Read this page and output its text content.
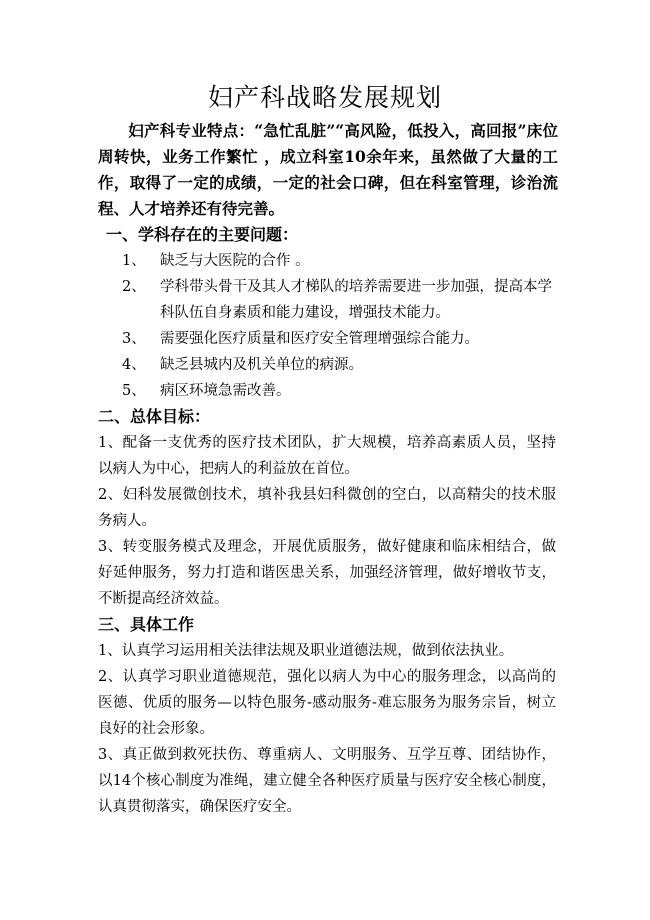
妇产科战略发展规划
妇产科专业特点：“急忙乱脏”“高风险，低投入，高回报”床位周转快，业务工作繁忙 ，成立科室10余年来，虽然做了大量的工作，取得了一定的成绩，一定的社会口碑，但在科室管理，诊治流程、人才培养还有待完善。
一、学科存在的主要问题：
1、 缺乏与大医院的合作 。
2、 学科带头骨干及其人才梯队的培养需要进一步加强，提高本学科队伍自身素质和能力建设，增强技术能力。
3、 需要强化医疗质量和医疗安全管理增强综合能力。
4、 缺乏县城内及机关单位的病源。
5、 病区环境急需改善。
二、总体目标：
1、配备一支优秀的医疗技术团队，扩大规模，培养高素质人员，坚持以病人为中心，把病人的利益放在首位。
2、妇科发展微创技术，填补我县妇科微创的空白，以高精尖的技术服务病人。
3、转变服务模式及理念，开展优质服务，做好健康和临床相结合，做好延伸服务，努力打造和谐医患关系，加强经济管理，做好增收节支，不断提高经济效益。
三、具体工作
1、认真学习运用相关法律法规及职业道德法规，做到依法执业。
2、认真学习职业道德规范，强化以病人为中心的服务理念，以高尚的医德、优质的服务—以特色服务-感动服务-难忘服务为服务宗旨，树立良好的社会形象。
3、真正做到救死扶伤、尊重病人、文明服务、互学互尊、团结协作，以14个核心制度为准绳，建立健全各种医疗质量与医疗安全核心制度，认真贯彻落实，确保医疗安全。
